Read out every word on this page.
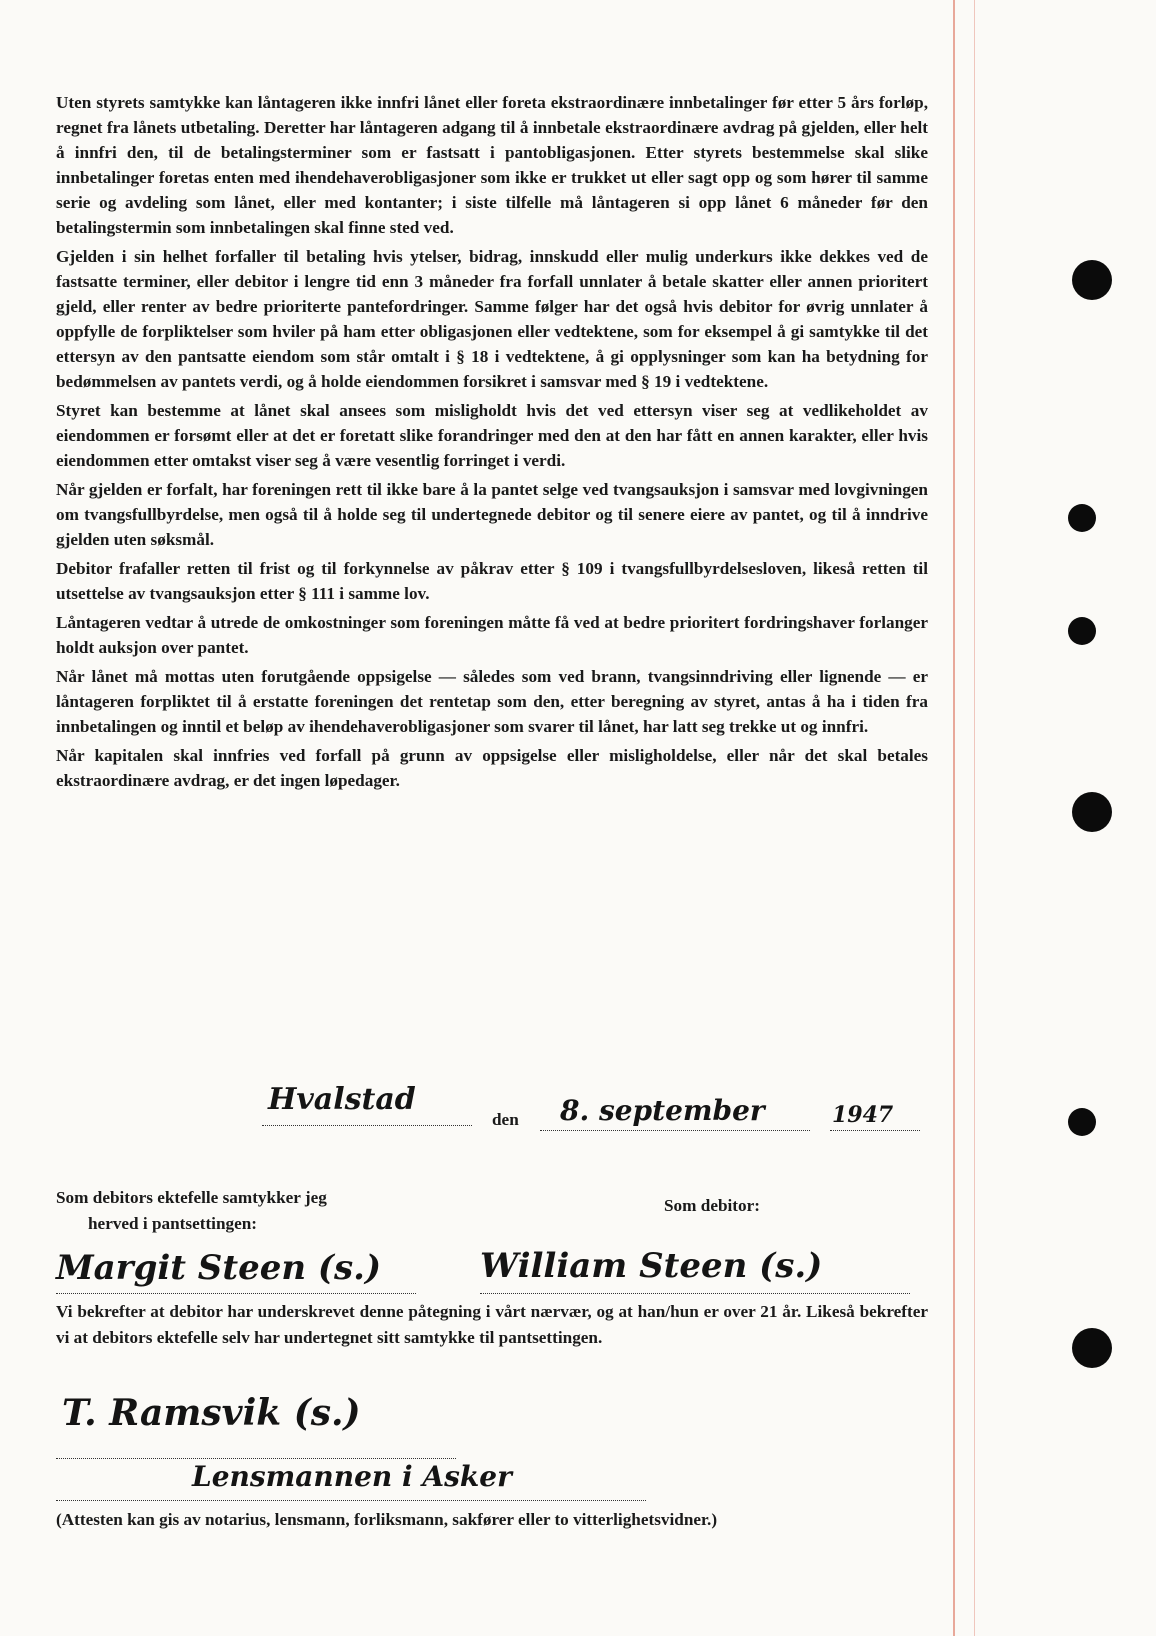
Uten styrets samtykke kan låntageren ikke innfri lånet eller foreta ekstraordinære innbetalinger før etter 5 års forløp, regnet fra lånets utbetaling. Deretter har låntageren adgang til å innbetale ekstraordinære avdrag på gjelden, eller helt å innfri den, til de betalingsterminer som er fastsatt i pantobligasjonen. Etter styrets bestemmelse skal slike innbetalinger foretas enten med ihendehaverobligasjoner som ikke er trukket ut eller sagt opp og som hører til samme serie og avdeling som lånet, eller med kontanter; i siste tilfelle må låntageren si opp lånet 6 måneder før den betalingstermin som innbetalingen skal finne sted ved.

Gjelden i sin helhet forfaller til betaling hvis ytelser, bidrag, innskudd eller mulig underkurs ikke dekkes ved de fastsatte terminer, eller debitor i lengre tid enn 3 måneder fra forfall unnlater å betale skatter eller annen prioritert gjeld, eller renter av bedre prioriterte pantefordringer. Samme følger har det også hvis debitor for øvrig unnlater å oppfylle de forpliktelser som hviler på ham etter obligasjonen eller vedtektene, som for eksempel å gi samtykke til det ettersyn av den pantsatte eiendom som står omtalt i § 18 i vedtektene, å gi opplysninger som kan ha betydning for bedømmelsen av pantets verdi, og å holde eiendommen forsikret i samsvar med § 19 i vedtektene.

Styret kan bestemme at lånet skal ansees som misligholdt hvis det ved ettersyn viser seg at vedlikeholdet av eiendommen er forsømt eller at det er foretatt slike forandringer med den at den har fått en annen karakter, eller hvis eiendommen etter omtakst viser seg å være vesentlig forringet i verdi.

Når gjelden er forfalt, har foreningen rett til ikke bare å la pantet selge ved tvangsauksjon i samsvar med lovgivningen om tvangsfullbyrdelse, men også til å holde seg til undertegnede debitor og til senere eiere av pantet, og til å inndrive gjelden uten søksmål.

Debitor frafaller retten til frist og til forkynnelse av påkrav etter § 109 i tvangsfullbyrdelsesloven, likeså retten til utsettelse av tvangsauksjon etter § 111 i samme lov.

Låntageren vedtar å utrede de omkostninger som foreningen måtte få ved at bedre prioritert fordringshaver forlanger holdt auksjon over pantet.

Når lånet må mottas uten forutgående oppsigelse — således som ved brann, tvangsinndriving eller lignende — er låntageren forpliktet til å erstatte foreningen det rentetap som den, etter beregning av styret, antas å ha i tiden fra innbetalingen og inntil et beløp av ihendehaverobligasjoner som svarer til lånet, har latt seg trekke ut og innfri.

Når kapitalen skal innfries ved forfall på grunn av oppsigelse eller misligholdelse, eller når det skal betales ekstraordinære avdrag, er det ingen løpedager.

Hvalstad
den 8. september	1947
Som debitors ektefelle samtykker jeg
herved i pantsettingen:
Som debitor:
Margit Steen (s.)	William Steen (s.)
Vi bekrefter at debitor har underskrevet denne påtegning i vårt nærvær, og at han/hun er over 21 år. Likeså bekrefter vi at debitors ektefelle selv har undertegnet sitt samtykke til pantsettingen.
T. Ramsvik (s.)
Lensmannen i Asker
(Attesten kan gis av notarius, lensmann, forliksmann, sakfører eller to vitterlighetsvidner.)
